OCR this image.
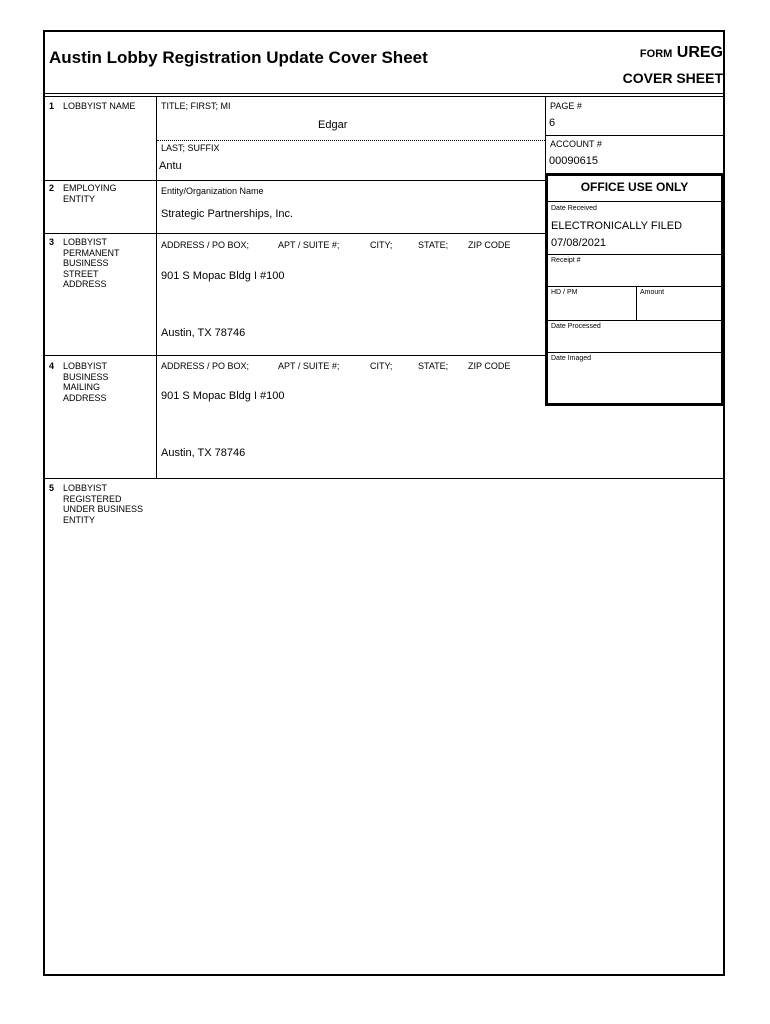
Austin Lobby Registration Update Cover Sheet	FORM UREG
COVER SHEET
1 LOBBYIST NAME	TITLE; FIRST; MI
Edgar
LAST; SUFFIX
Antu
PAGE #
6
ACCOUNT #
00090615
2 EMPLOYING ENTITY
Entity/Organization Name
Strategic Partnerships, Inc.
3 LOBBYIST PERMANENT BUSINESS STREET ADDRESS
ADDRESS / PO BOX;	APT / SUITE #;	CITY;	STATE; ZIP CODE
901 S Mopac Bldg I #100
Austin, TX 78746
4 LOBBYIST BUSINESS MAILING ADDRESS
ADDRESS / PO BOX;	APT / SUITE #;	CITY;	STATE; ZIP CODE
901 S Mopac Bldg I #100
Austin, TX 78746
5 LOBBYIST REGISTERED UNDER BUSINESS ENTITY
OFFICE USE ONLY
Date Received
ELECTRONICALLY FILED
07/08/2021
Receipt #
HD / PM	Amount
Date Processed
Date Imaged
